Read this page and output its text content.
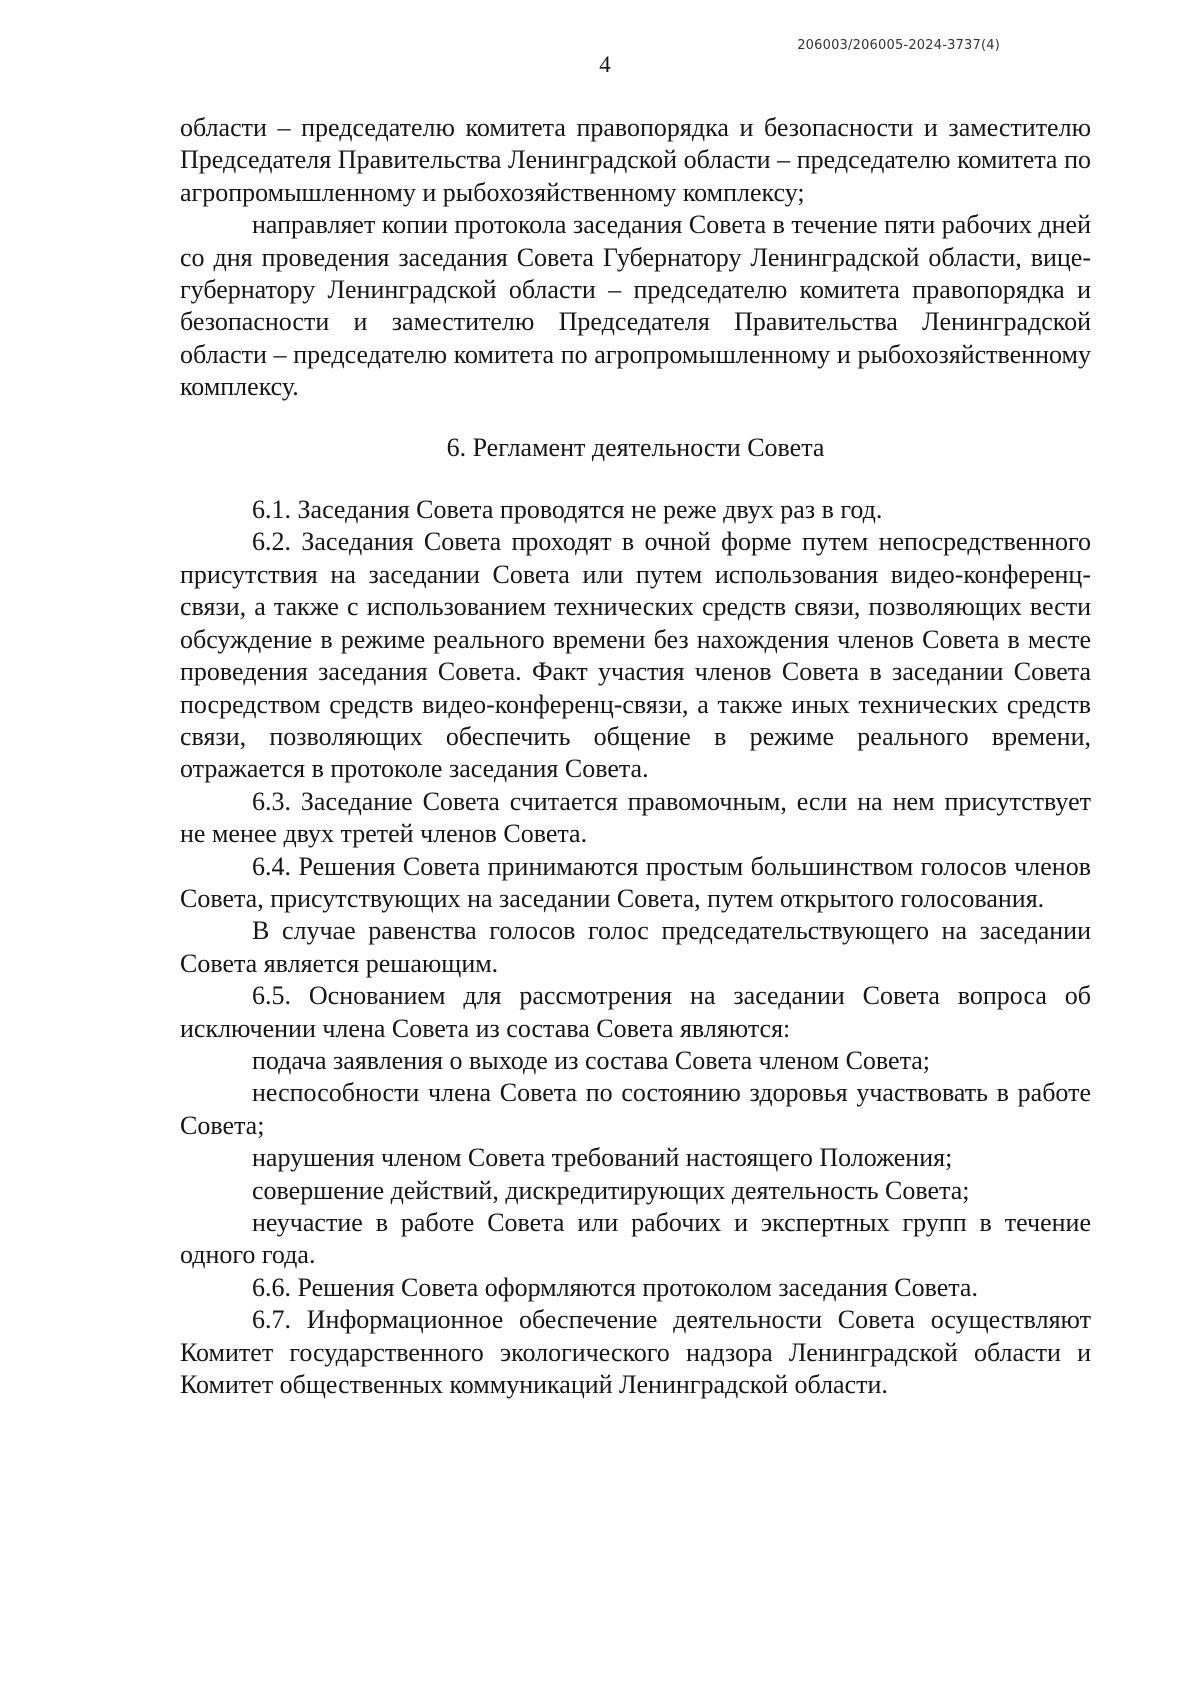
206003/206005-2024-3737(4)
4

области – председателю комитета правопорядка и безопасности и заместителю Председателя Правительства Ленинградской области – председателю комитета по агропромышленному и рыбохозяйственному комплексу;

направляет копии протокола заседания Совета в течение пяти рабочих дней со дня проведения заседания Совета Губернатору Ленинградской области, вице-губернатору Ленинградской области – председателю комитета правопорядка и безопасности и заместителю Председателя Правительства Ленинградской области – председателю комитета по агропромышленному и рыбохозяйственному комплексу.

6. Регламент деятельности Совета

6.1. Заседания Совета проводятся не реже двух раз в год.

6.2. Заседания Совета проходят в очной форме путем непосредственного присутствия на заседании Совета или путем использования видео-конференц-связи, а также с использованием технических средств связи, позволяющих вести обсуждение в режиме реального времени без нахождения членов Совета в месте проведения заседания Совета. Факт участия членов Совета в заседании Совета посредством средств видео-конференц-связи, а также иных технических средств связи, позволяющих обеспечить общение в режиме реального времени, отражается в протоколе заседания Совета.

6.3. Заседание Совета считается правомочным, если на нем присутствует не менее двух третей членов Совета.

6.4. Решения Совета принимаются простым большинством голосов членов Совета, присутствующих на заседании Совета, путем открытого голосования.

В случае равенства голосов голос председательствующего на заседании Совета является решающим.

6.5. Основанием для рассмотрения на заседании Совета вопроса об исключении члена Совета из состава Совета являются:

подача заявления о выходе из состава Совета членом Совета;

неспособности члена Совета по состоянию здоровья участвовать в работе Совета;

нарушения членом Совета требований настоящего Положения;

совершение действий, дискредитирующих деятельность Совета;

неучастие в работе Совета или рабочих и экспертных групп в течение одного года.

6.6. Решения Совета оформляются протоколом заседания Совета.

6.7. Информационное обеспечение деятельности Совета осуществляют Комитет государственного экологического надзора Ленинградской области и Комитет общественных коммуникаций Ленинградской области.
